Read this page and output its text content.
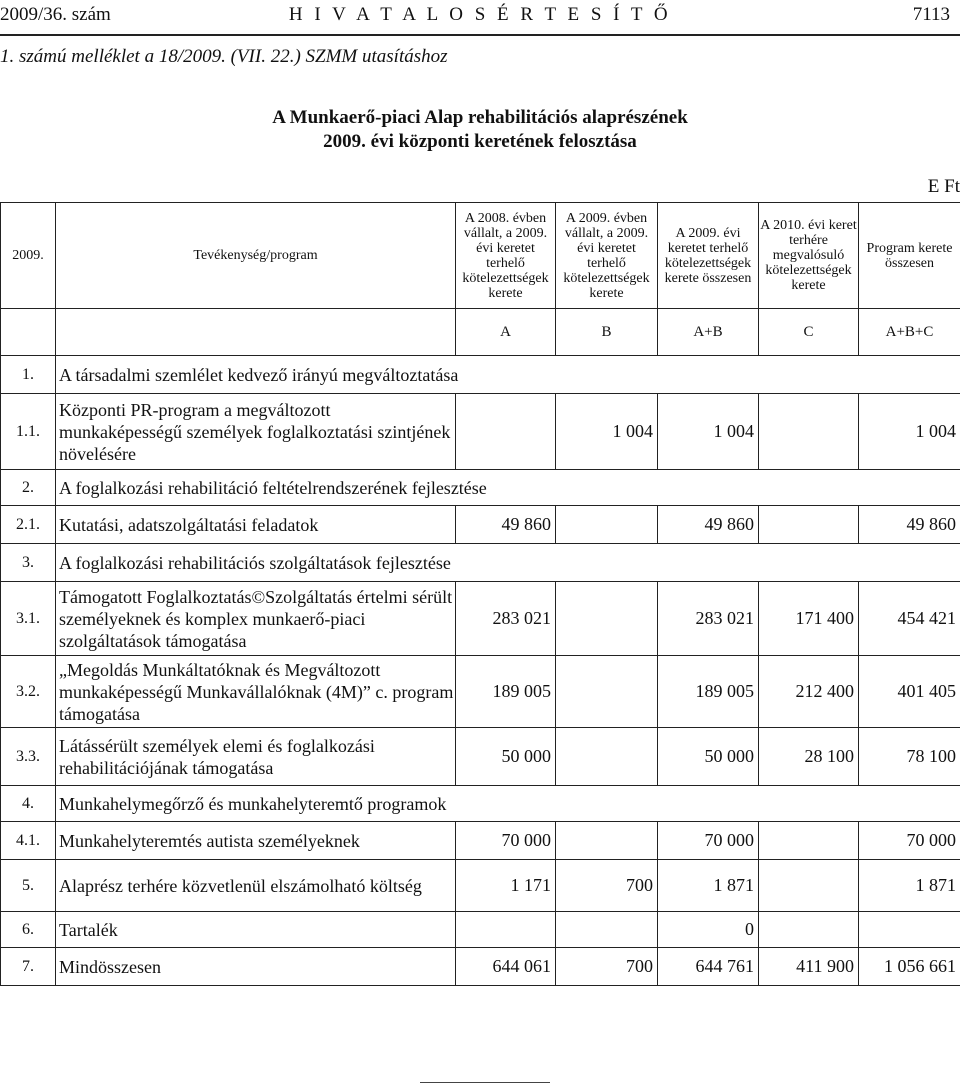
2009/36. szám	H I V A T A L O S É R T E S Í T Ő	7113
1. számú melléklet a 18/2009. (VII. 22.) SZMM utasításhoz
A Munkaerő-piaci Alap rehabilitációs alaprészének
2009. évi központi keretének felosztása
E Ft
2009.	Tevékenység/program	A 2008. évben vállalt, a 2009. évi keretet terhelő kötelezettségek kerete	A 2009. évben vállalt, a 2009. évi keretet terhelő kötelezettségek kerete	A 2009. évi keretet terhelő kötelezettségek kerete összesen	A 2010. évi keret terhére megvalósuló kötelezettségek kerete	Program kerete összesen
		A	B	A+B	C	A+B+C
1.	A társadalmi szemlélet kedvező irányú megváltoztatása					
1.1.	Központi PR-program a megváltozott munkaképességű személyek foglalkoztatási szintjének növelésére		1 004	1 004		1 004
2.	A foglalkozási rehabilitáció feltételrendszerének fejlesztése					
2.1.	Kutatási, adatszolgáltatási feladatok	49 860		49 860		49 860
3.	A foglalkozási rehabilitációs szolgáltatások fejlesztése					
3.1.	Támogatott Foglalkoztatás©Szolgáltatás értelmi sérült személyeknek és komplex munkaerő-piaci szolgáltatások támogatása	283 021		283 021	171 400	454 421
3.2.	„Megoldás Munkáltatóknak és Megváltozott munkaképességű Munkavállalóknak (4M)” c. program támogatása	189 005		189 005	212 400	401 405
3.3.	Látássérült személyek elemi és foglalkozási rehabilitációjának támogatása	50 000		50 000	28 100	78 100
4.	Munkahelymegőrző és munkahelyteremtő programok					
4.1.	Munkahelyteremtés autista személyeknek	70 000		70 000		70 000
5.	Alaprész terhére közvetlenül elszámolható költség	1 171	700	1 871		1 871
6.	Tartalék			0		
7.	Mindösszesen	644 061	700	644 761	411 900	1 056 661
